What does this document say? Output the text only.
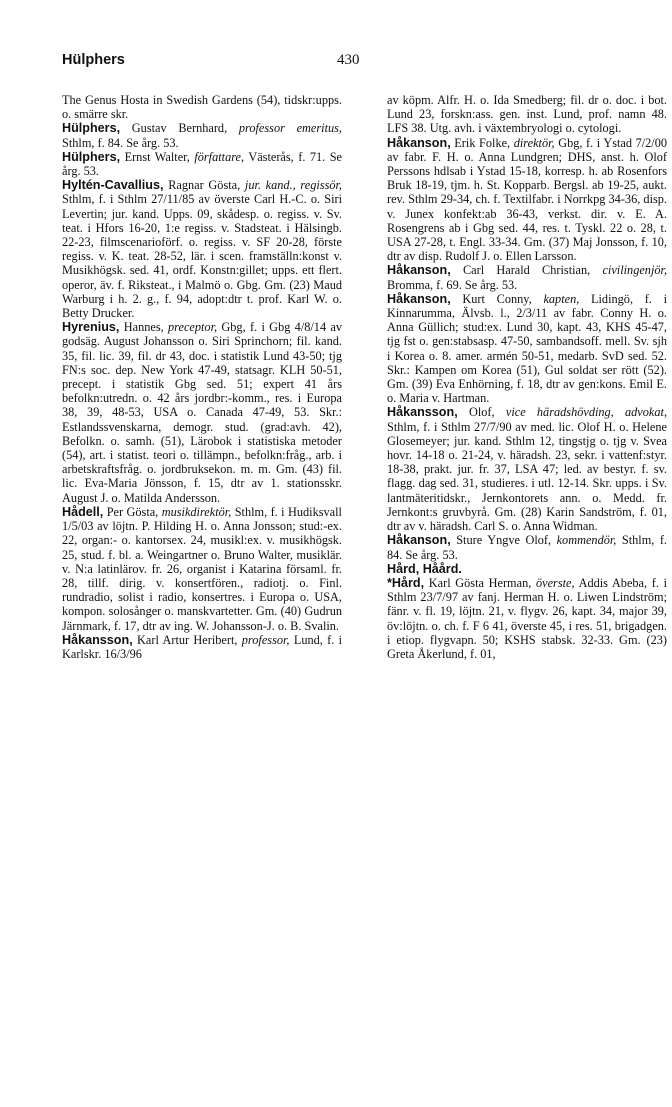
Hülphers	430

The Genus Hosta in Swedish Gardens (54), tidskr:upps. o. smärre skr.

Hülphers, Gustav Bernhard, professor emeritus, Sthlm, f. 84. Se årg. 53.

Hülphers, Ernst Walter, författare, Västerås, f. 71. Se årg. 53.

Hyltén-Cavallius, Ragnar Gösta, jur. kand., regissör, Sthlm, f. i Sthlm 27/11/85 av överste Carl H.-C. o. Siri Levertin; jur. kand. Upps. 09, skådesp. o. regiss. v. Sv. teat. i Hfors 16-20, 1:e regiss. v. Stadsteat. i Hälsingb. 22-23, filmscenarioförf. o. regiss. v. SF 20-28, förste regiss. v. K. teat. 28-52, lär. i scen. framställn:konst v. Musikhögsk. sed. 41, ordf. Konstn:gillet; upps. ett flert. operor, äv. f. Riksteat., i Malmö o. Gbg. Gm. (23) Maud Warburg i h. 2. g., f. 94, adopt:dtr t. prof. Karl W. o. Betty Drucker.

Hyrenius, Hannes, preceptor, Gbg, f. i Gbg 4/8/14 av godsäg. August Johansson o. Siri Sprinchorn; fil. kand. 35, fil. lic. 39, fil. dr 43, doc. i statistik Lund 43-50; tjg FN:s soc. dep. New York 47-49, statsagr. KLH 50-51, precept. i statistik Gbg sed. 51; expert 41 års befolkn:utredn. o. 42 års jordbr:-komm., res. i Europa 38, 39, 48-53, USA o. Canada 47-49, 53. Skr.: Estlandssvenskarna, demogr. stud. (grad:avh. 42), Befolkn. o. samh. (51), Lärobok i statistiska metoder (54), art. i statist. teori o. tillämpn., befolkn:fråg., arb. i arbetskraftsfråg. o. jordbruksekon. m. m. Gm. (43) fil. lic. Eva-Maria Jönsson, f. 15, dtr av 1. stationsskr. August J. o. Matilda Andersson.

Hådell, Per Gösta, musikdirektör, Sthlm, f. i Hudiksvall 1/5/03 av löjtn. P. Hilding H. o. Anna Jonsson; stud:-ex. 22, organ:- o. kantorsex. 24, musikl:ex. v. musikhögsk. 25, stud. f. bl. a. Weingartner o. Bruno Walter, musiklär. v. N:a latinlärov. fr. 26, organist i Katarina församl. fr. 28, tillf. dirig. v. konsertfören., radiotj. o. Finl. rundradio, solist i radio, konsertres. i Europa o. USA, kompon. solosånger o. manskvartetter. Gm. (40) Gudrun Järnmark, f. 17, dtr av ing. W. Johansson-J. o. B. Svalin.

Håkansson, Karl Artur Heribert, professor, Lund, f. i Karlskr. 16/3/96

av köpm. Alfr. H. o. Ida Smedberg; fil. dr o. doc. i bot. Lund 23, forskn:ass. gen. inst. Lund, prof. namn 48. LFS 38. Utg. avh. i växtembryologi o. cytologi.

Håkanson, Erik Folke, direktör, Gbg, f. i Ystad 7/2/00 av fabr. F. H. o. Anna Lundgren; DHS, anst. h. Olof Perssons hdlsab i Ystad 15-18, korresp. h. ab Rosenfors Bruk 18-19, tjm. h. St. Kopparb. Bergsl. ab 19-25, aukt. rev. Sthlm 29-34, ch. f. Textilfabr. i Norrkpg 34-36, disp. v. Junex konfekt:ab 36-43, verkst. dir. v. E. A. Rosengrens ab i Gbg sed. 44, res. t. Tyskl. 22 o. 28, t. USA 27-28, t. Engl. 33-34. Gm. (37) Maj Jonsson, f. 10, dtr av disp. Rudolf J. o. Ellen Larsson.

Håkanson, Carl Harald Christian, civilingenjör, Bromma, f. 69. Se årg. 53.

Håkanson, Kurt Conny, kapten, Lidingö, f. i Kinnarumma, Älvsb. l., 2/3/11 av fabr. Conny H. o. Anna Güllich; stud:ex. Lund 30, kapt. 43, KHS 45-47, tjg fst o. gen:stabsasp. 47-50, sambandsoff. mell. Sv. sjh i Korea o. 8. amer. armén 50-51, medarb. SvD sed. 52. Skr.: Kampen om Korea (51), Gul soldat ser rött (52). Gm. (39) Eva Enhörning, f. 18, dtr av gen:kons. Emil E. o. Maria v. Hartman.

Håkansson, Olof, vice häradshövding, advokat, Sthlm, f. i Sthlm 27/7/90 av med. lic. Olof H. o. Helene Glosemeyer; jur. kand. Sthlm 12, tingstjg o. tjg v. Svea hovr. 14-18 o. 21-24, v. häradsh. 23, sekr. i vattenf:styr. 18-38, prakt. jur. fr. 37, LSA 47; led. av bestyr. f. sv. flagg. dag sed. 31, studieres. i utl. 12-14. Skr. upps. i Sv. lantmäteritidskr., Jernkontorets ann. o. Medd. fr. Jernkont:s gruvbyrå. Gm. (28) Karin Sandström, f. 01, dtr av v. häradsh. Carl S. o. Anna Widman.

Håkanson, Sture Yngve Olof, kommendör, Sthlm, f. 84. Se årg. 53.

Hård, Håård.

*Hård, Karl Gösta Herman, överste, Addis Abeba, f. i Sthlm 23/7/97 av fanj. Herman H. o. Liwen Lindström; fänr. v. fl. 19, löjtn. 21, v. flygv. 26, kapt. 34, major 39, öv:löjtn. o. ch. f. F 6 41, överste 45, i res. 51, brigadgen. i etiop. flygvapn. 50; KSHS stabsk. 32-33. Gm. (23) Greta Åkerlund, f. 01,
